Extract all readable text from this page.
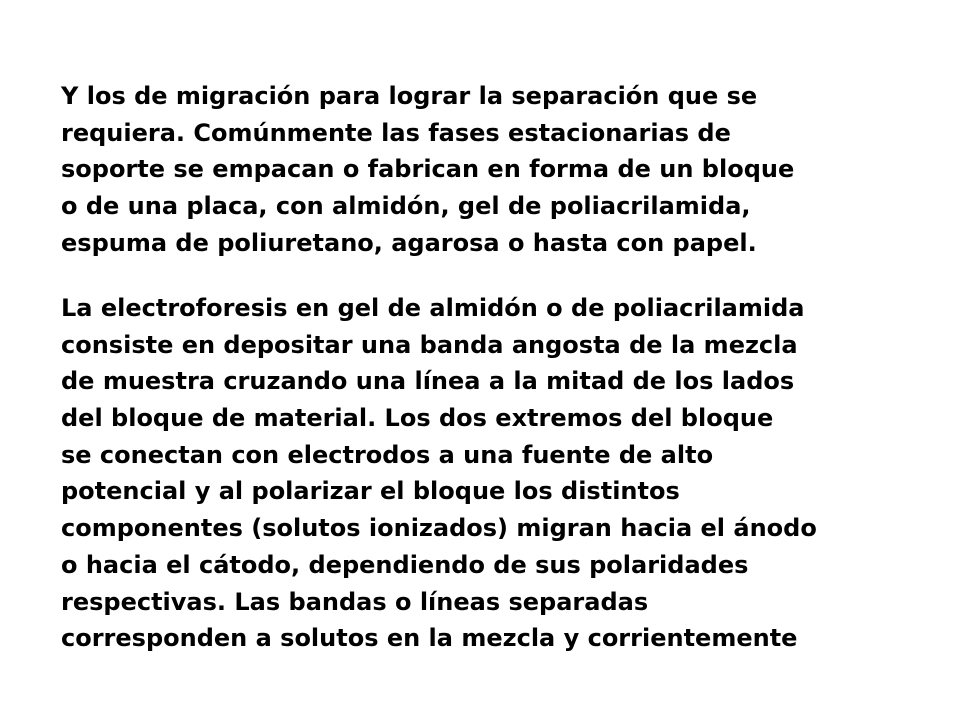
Y los de migración para lograr la separación que se
requiera. Comúnmente las fases estacionarias de
soporte se empacan o fabrican en forma de un bloque
o de una placa, con almidón, gel de poliacrilamida,
espuma de poliuretano, agarosa o hasta con papel.

La electroforesis en gel de almidón o de poliacrilamida
consiste en depositar una banda angosta de la mezcla
de muestra cruzando una línea a la mitad de los lados
del bloque de material. Los dos extremos del bloque
se conectan con electrodos a una fuente de alto
potencial y al polarizar el bloque los distintos
componentes (solutos ionizados) migran hacia el ánodo
o hacia el cátodo, dependiendo de sus polaridades
respectivas. Las bandas o líneas separadas
corresponden a solutos en la mezcla y corrientemente
